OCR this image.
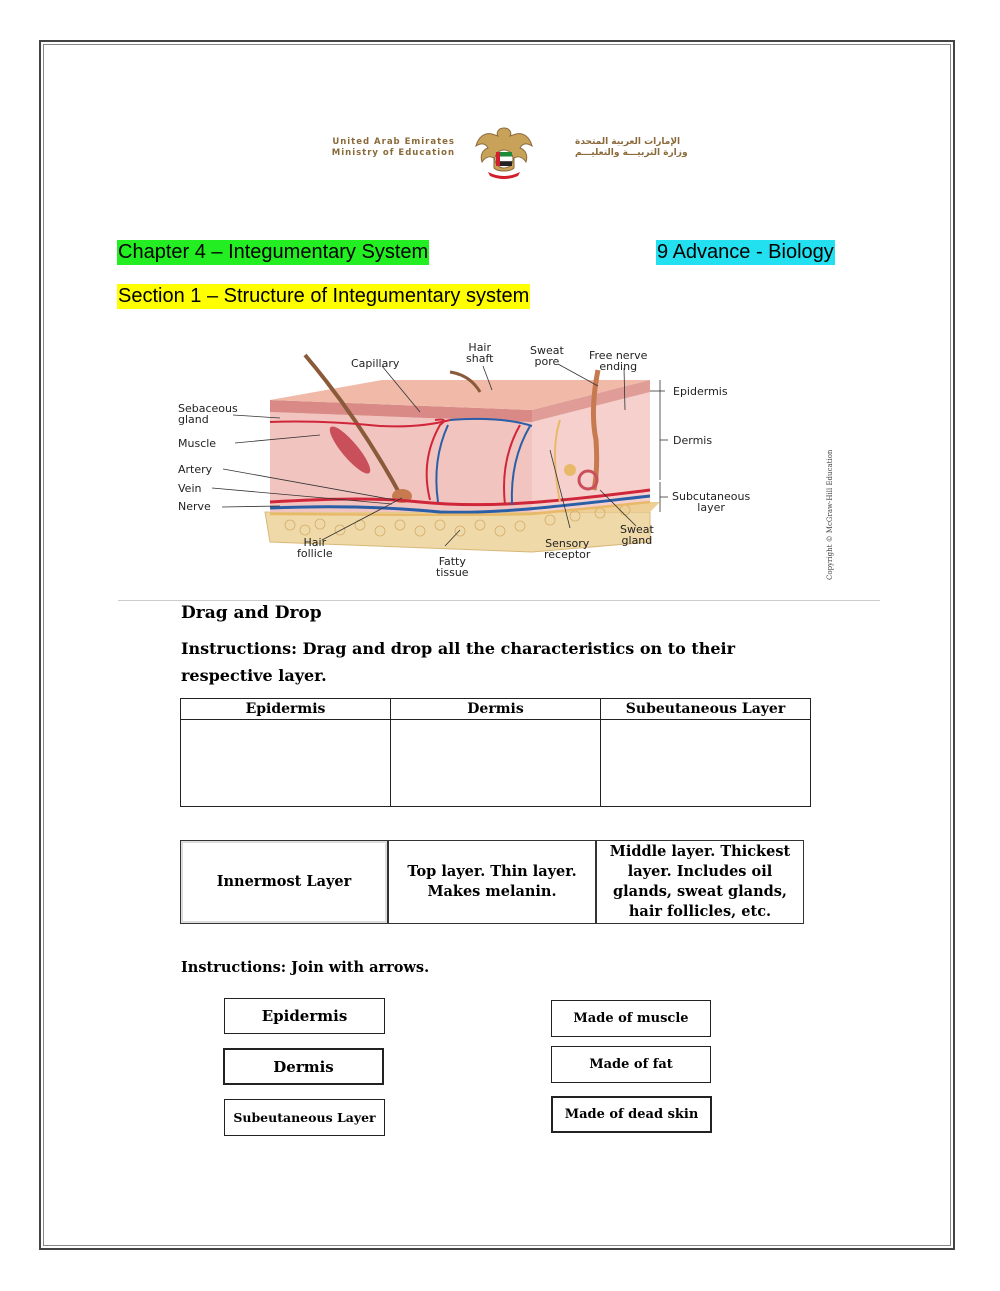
United Arab Emirates
Ministry of Education
الإمارات العربية المتحدة
وزارة التربيـــة والتعليـــم
Chapter 4 – Integumentary System	9 Advance - Biology
Section 1 – Structure of Integumentary system
Hair
shaft
Sweat
pore	Free nerve
ending
Capillary
Sebaceous
gland
Muscle
Artery
Vein
Nerve
Hair
follicle
Fatty
tissue
Sensory
receptor
Sweat
gland
Epidermis
Dermis
Subcutaneous
layer	Copyright © McGraw-Hill Education
Drag and Drop
Instructions: Drag and drop all the characteristics on to their respective layer.
Epidermis	Dermis	Subeutaneous Layer

Innermost Layer
Top layer. Thin layer. Makes melanin.
Middle layer. Thickest layer. Includes oil glands, sweat glands, hair follicles, etc.
Instructions: Join with arrows.
Epidermis
Dermis
Subeutaneous Layer
Made of muscle
Made of fat
Made of dead skin
